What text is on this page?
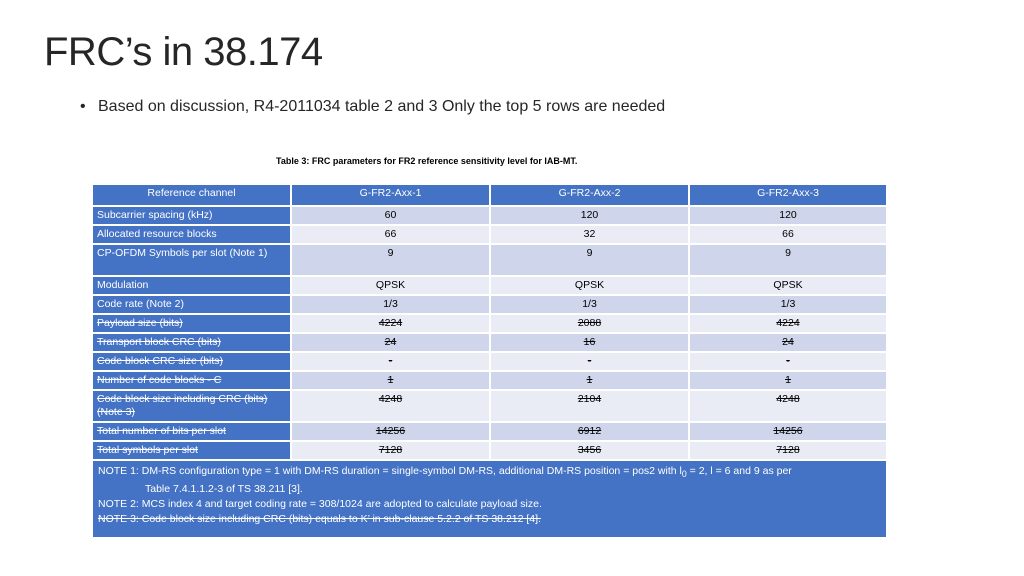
FRC’s in 38.174
• Based on discussion, R4-2011034 table 2 and 3 Only the top 5 rows are needed
Table 3: FRC parameters for FR2 reference sensitivity level for IAB-MT.
Reference channel	G-FR2-Axx-1	G-FR2-Axx-2	G-FR2-Axx-3
Subcarrier spacing (kHz)	60	120	120
Allocated resource blocks	66	32	66
CP-OFDM Symbols per slot (Note 1)	9	9	9
Modulation	QPSK	QPSK	QPSK
Code rate (Note 2)	1/3	1/3	1/3
Payload size (bits)	4224	2088	4224
Transport block CRC (bits)	24	16	24
Code block CRC size (bits)	-	-	-
Number of code blocks - C	1	1	1
Code block size including CRC (bits) (Note 3)	4248	2104	4248
Total number of bits per slot	14256	6912	14256
Total symbols per slot	7128	3456	7128

NOTE 1: DM-RS configuration type = 1 with DM-RS duration = single-symbol DM-RS, additional DM-RS position = pos2 with $l_0 = 2$, l = 6 and 9 as per
Table 7.4.1.1.2-3 of TS 38.211 [3].
NOTE 2: MCS index 4 and target coding rate = 308/1024 are adopted to calculate payload size.
NOTE 3: Code block size including CRC (bits) equals to K’ in sub-clause 5.2.2 of TS 38.212 [4].			
